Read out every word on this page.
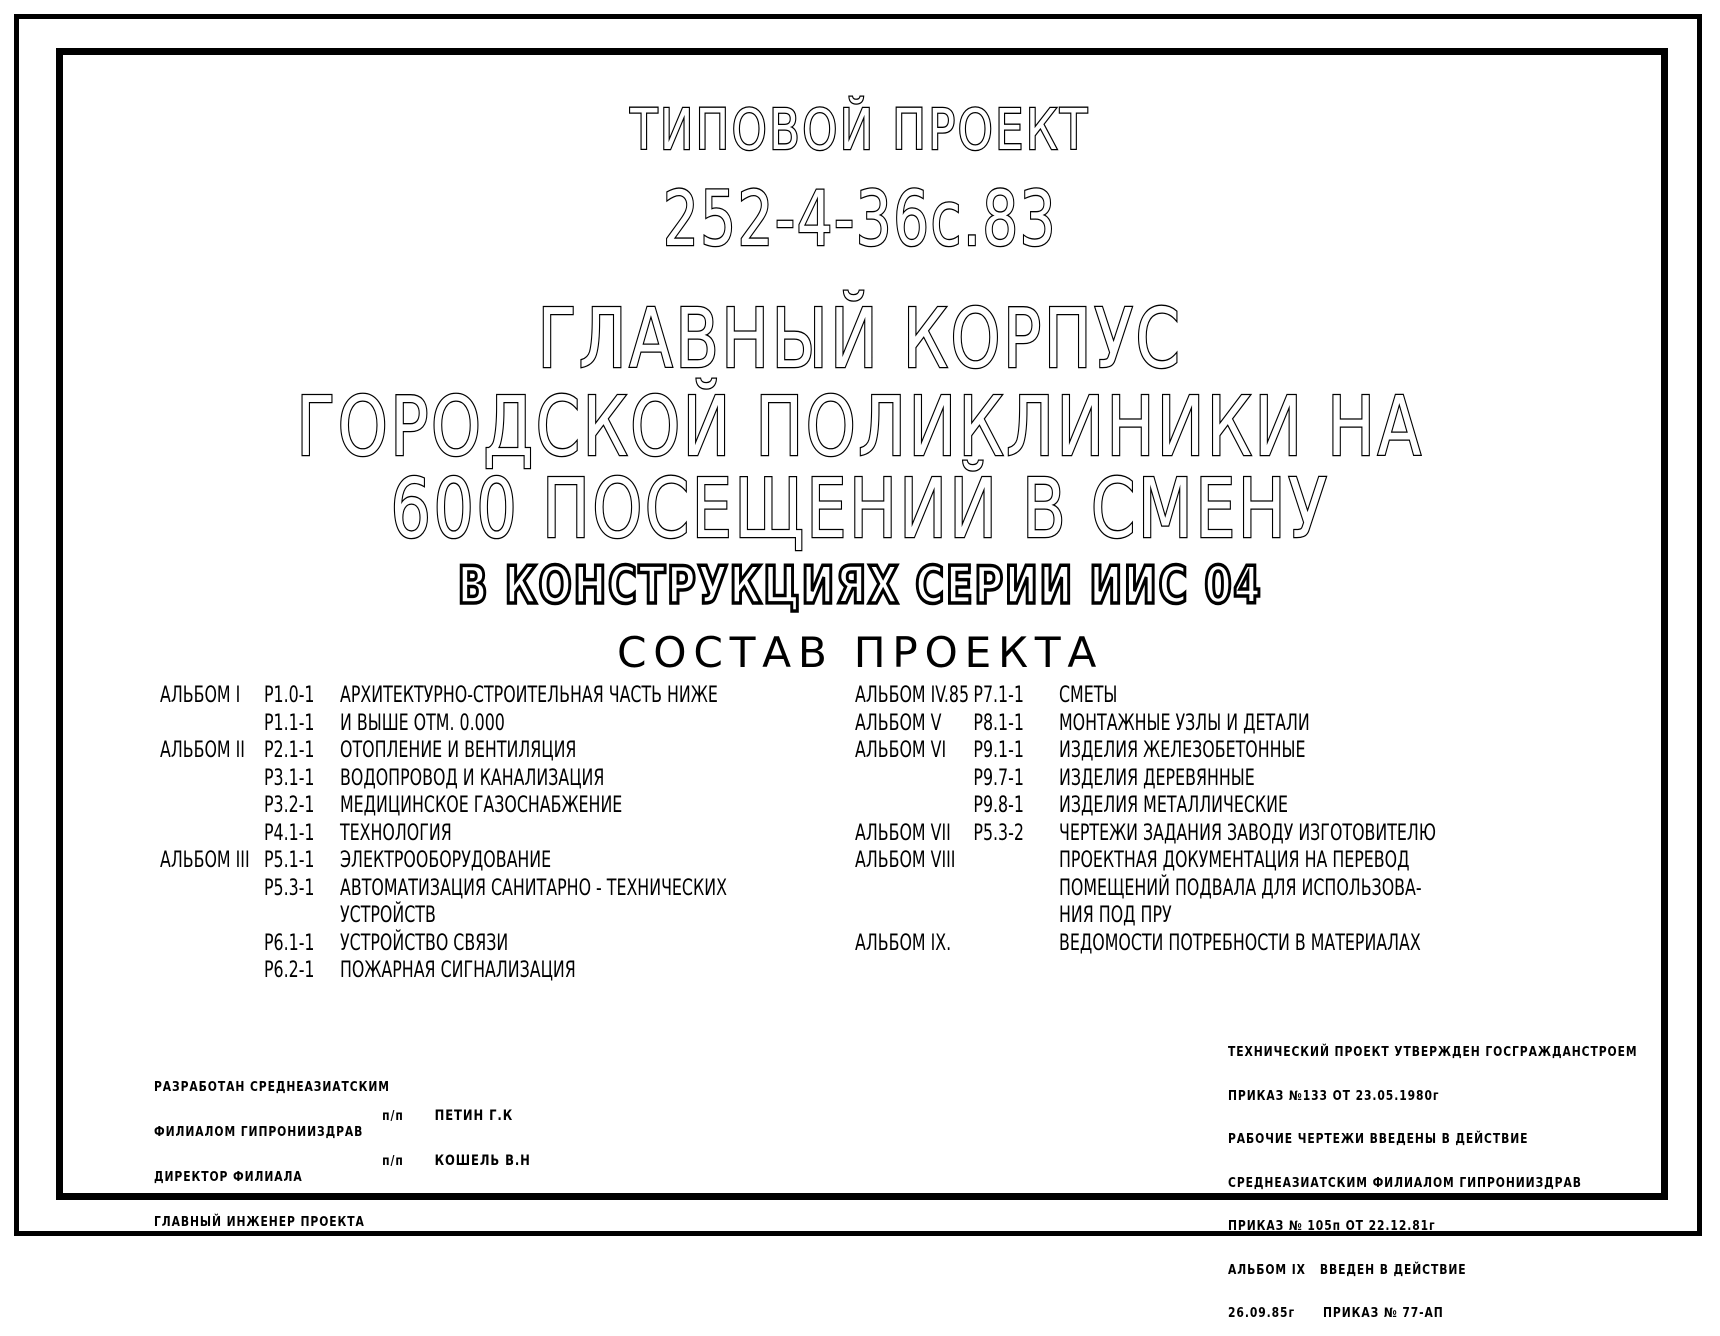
ТИПОВОЙ ПРОЕКТ
252-4-36с.83
ГЛАВНЫЙ КОРПУС
ГОРОДСКОЙ ПОЛИКЛИНИКИ НА
600 ПОСЕЩЕНИЙ В СМЕНУ
В КОНСТРУКЦИЯХ СЕРИИ ИИС 04
СОСТАВ ПРОЕКТА
АЛЬБОМ I Р1.0-1 АРХИТЕКТУРНО-СТРОИТЕЛЬНАЯ ЧАСТЬ НИЖЕ
Р1.1-1 И ВЫШЕ ОТМ. 0.000
АЛЬБОМ II Р2.1-1 ОТОПЛЕНИЕ И ВЕНТИЛЯЦИЯ
Р3.1-1 ВОДОПРОВОД И КАНАЛИЗАЦИЯ
Р3.2-1 МЕДИЦИНСКОЕ ГАЗОСНАБЖЕНИЕ
Р4.1-1 ТЕХНОЛОГИЯ
АЛЬБОМ III Р5.1-1 ЭЛЕКТРООБОРУДОВАНИЕ
Р5.3-1 АВТОМАТИЗАЦИЯ САНИТАРНО - ТЕХНИЧЕСКИХ
УСТРОЙСТВ
Р6.1-1 УСТРОЙСТВО СВЯЗИ
Р6.2-1 ПОЖАРНАЯ СИГНАЛИЗАЦИЯ
АЛЬБОМ IV.85 Р7.1-1 СМЕТЫ
АЛЬБОМ V Р8.1-1 МОНТАЖНЫЕ УЗЛЫ И ДЕТАЛИ
АЛЬБОМ VI Р9.1-1 ИЗДЕЛИЯ ЖЕЛЕЗОБЕТОННЫЕ
Р9.7-1 ИЗДЕЛИЯ ДЕРЕВЯННЫЕ
Р9.8-1 ИЗДЕЛИЯ МЕТАЛЛИЧЕСКИЕ
АЛЬБОМ VII Р5.3-2 ЧЕРТЕЖИ ЗАДАНИЯ ЗАВОДУ ИЗГОТОВИТЕЛЮ
АЛЬБОМ VIII	ПРОЕКТНАЯ ДОКУМЕНТАЦИЯ НА ПЕРЕВОД
ПОМЕЩЕНИЙ ПОДВАЛА ДЛЯ ИСПОЛЬЗОВА-
НИЯ ПОД ПРУ
АЛЬБОМ IX.	ВЕДОМОСТИ ПОТРЕБНОСТИ В МАТЕРИАЛАХ

РАЗРАБОТАН СРЕДНЕАЗИАТСКИМ

ФИЛИАЛОМ ГИПРОНИИЗДРАВ

ДИРЕКТОР ФИЛИАЛА

ГЛАВНЫЙ ИНЖЕНЕР ПРОЕКТА

п/п

п/п

ПЕТИН Г.К

КОШЕЛЬ В.Н

ТЕХНИЧЕСКИЙ ПРОЕКТ УТВЕРЖДЕН ГОСГРАЖДАНСТРОЕМ

ПРИКАЗ №133 ОТ 23.05.1980г

РАБОЧИЕ ЧЕРТЕЖИ ВВЕДЕНЫ В ДЕЙСТВИЕ

СРЕДНЕАЗИАТСКИМ ФИЛИАЛОМ ГИПРОНИИЗДРАВ

ПРИКАЗ № 105п ОТ 22.12.81г

АЛЬБОМ IX   ВВЕДЕН В ДЕЙСТВИЕ

26.09.85г      ПРИКАЗ № 77-АП
